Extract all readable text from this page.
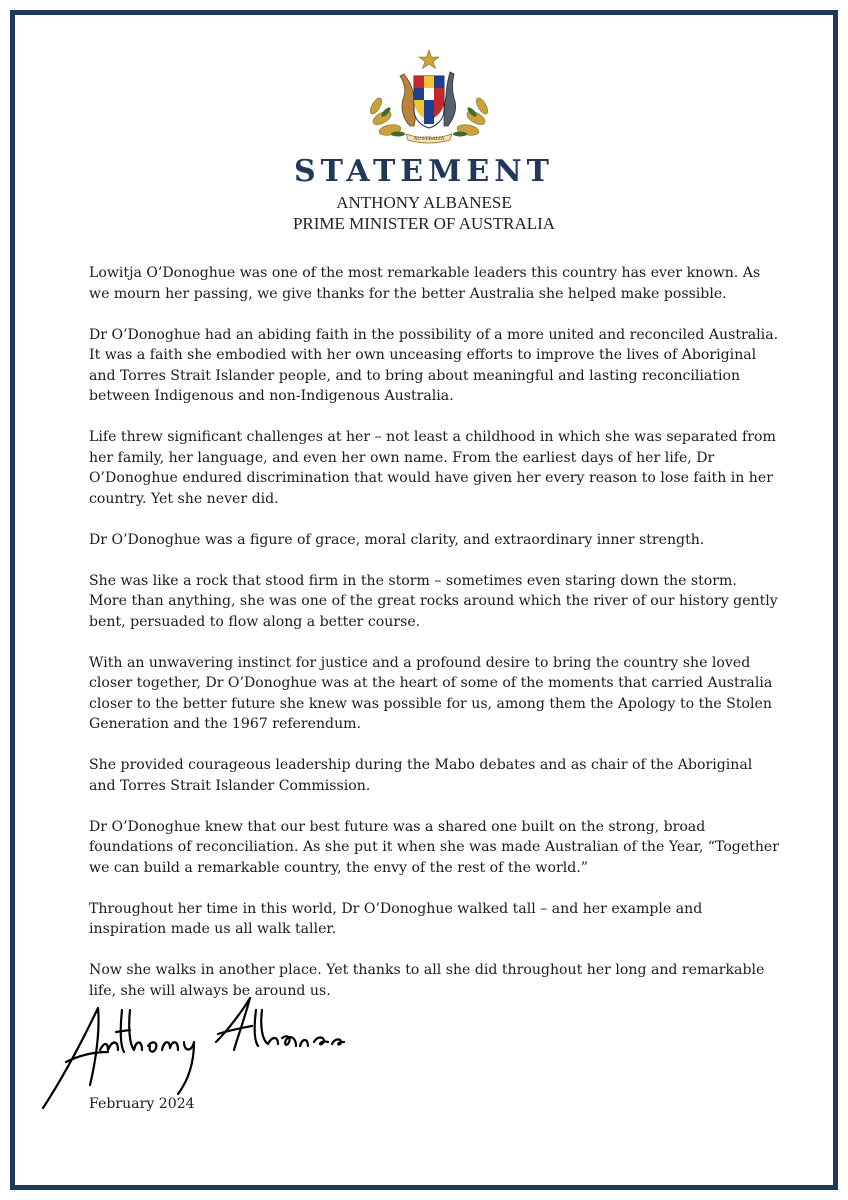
AUSTRALIA
STATEMENT
ANTHONY ALBANESE
PRIME MINISTER OF AUSTRALIA

Lowitja O’Donoghue was one of the most remarkable leaders this country has ever known. As we mourn her passing, we give thanks for the better Australia she helped make possible.

Dr O’Donoghue had an abiding faith in the possibility of a more united and reconciled Australia. It was a faith she embodied with her own unceasing efforts to improve the lives of Aboriginal and Torres Strait Islander people, and to bring about meaningful and lasting reconciliation between Indigenous and non-Indigenous Australia.

Life threw significant challenges at her – not least a childhood in which she was separated from her family, her language, and even her own name. From the earliest days of her life, Dr O’Donoghue endured discrimination that would have given her every reason to lose faith in her country. Yet she never did.

Dr O’Donoghue was a figure of grace, moral clarity, and extraordinary inner strength.

She was like a rock that stood firm in the storm – sometimes even staring down the storm. More than anything, she was one of the great rocks around which the river of our history gently bent, persuaded to flow along a better course.

With an unwavering instinct for justice and a profound desire to bring the country she loved closer together, Dr O’Donoghue was at the heart of some of the moments that carried Australia closer to the better future she knew was possible for us, among them the Apology to the Stolen Generation and the 1967 referendum.

She provided courageous leadership during the Mabo debates and as chair of the Aboriginal and Torres Strait Islander Commission.

Dr O’Donoghue knew that our best future was a shared one built on the strong, broad foundations of reconciliation. As she put it when she was made Australian of the Year, “Together we can build a remarkable country, the envy of the rest of the world.”

Throughout her time in this world, Dr O’Donoghue walked tall – and her example and inspiration made us all walk taller.

Now she walks in another place. Yet thanks to all she did throughout her long and remarkable life, she will always be around us.

February 2024
